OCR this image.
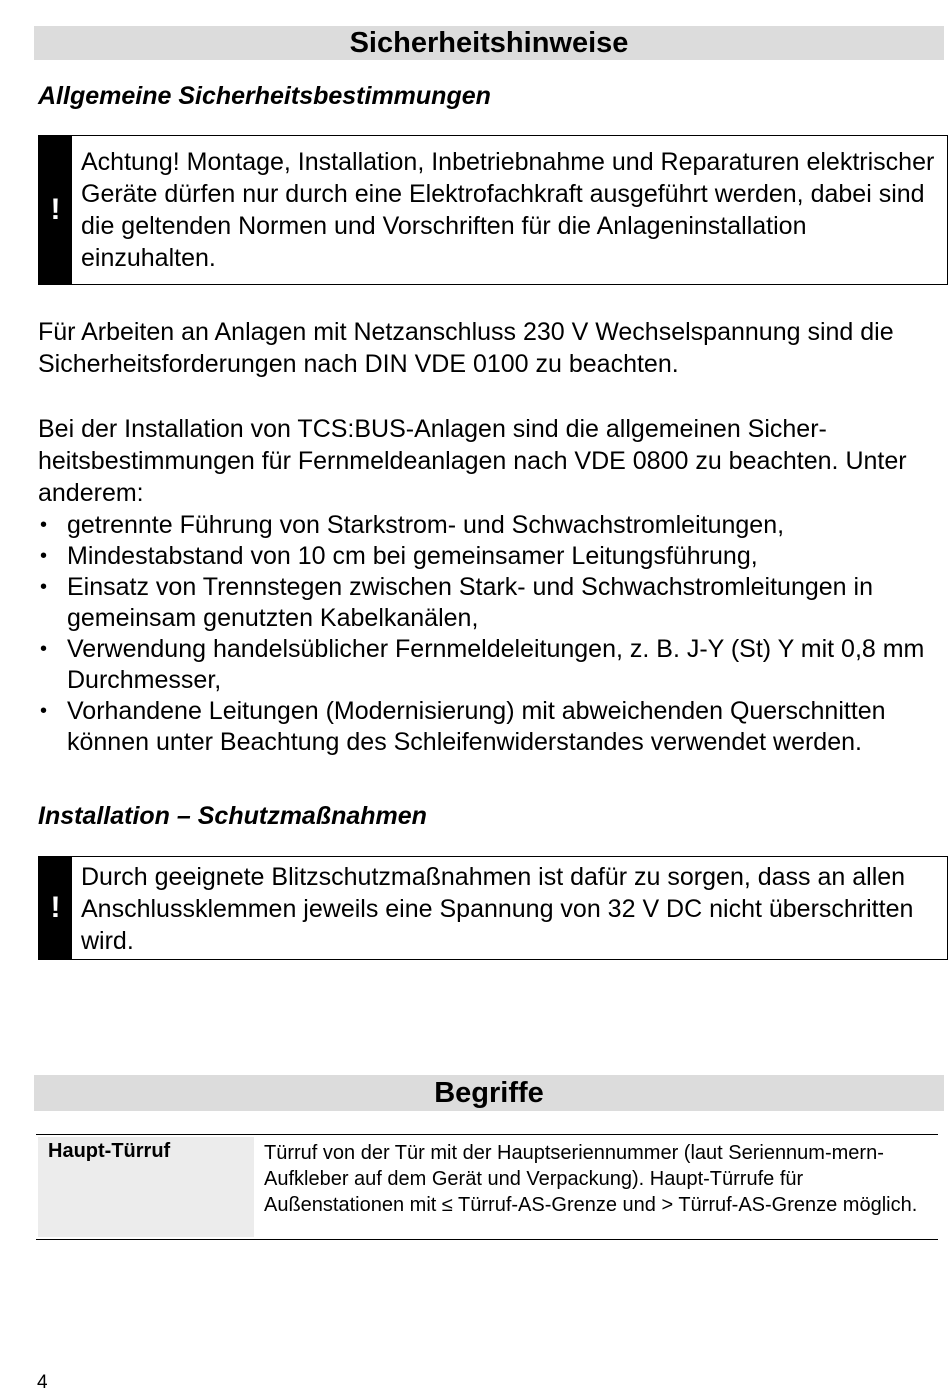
Sicherheitshinweise
Allgemeine Sicherheitsbestimmungen
!
Achtung! Montage, Installation, Inbetriebnahme und Reparaturen elektrischer Geräte dürfen nur durch eine Elektrofachkraft ausgeführt werden, dabei sind die geltenden Normen und Vorschriften für die Anlageninstallation einzuhalten.
Für Arbeiten an Anlagen mit Netzanschluss 230 V Wechselspannung sind die Sicherheitsforderungen nach DIN VDE 0100 zu beachten.
Bei der Installation von TCS:BUS-Anlagen sind die allgemeinen Sicher-heitsbestimmungen für Fernmeldeanlagen nach VDE 0800 zu beachten. Unter anderem:
• getrennte Führung von Starkstrom- und Schwachstromleitungen,
• Mindestabstand von 10 cm bei gemeinsamer Leitungsführung,
• Einsatz von Trennstegen zwischen Stark- und Schwachstromleitungen in gemeinsam genutzten Kabelkanälen,
• Verwendung handelsüblicher Fernmeldeleitungen, z. B. J-Y (St) Y mit 0,8 mm Durchmesser,
• Vorhandene Leitungen (Modernisierung) mit abweichenden Querschnitten können unter Beachtung des Schleifenwiderstandes verwendet werden.
Installation – Schutzmaßnahmen
!
Durch geeignete Blitzschutzmaßnahmen ist dafür zu sorgen, dass an allen Anschlussklemmen jeweils eine Spannung von 32 V DC nicht überschritten wird.
Begriffe
Haupt-Türruf	Türruf von der Tür mit der Hauptseriennummer (laut Seriennum-mern-Aufkleber auf dem Gerät und Verpackung). Haupt-Türrufe für Außenstationen mit ≤ Türruf-AS-Grenze und > Türruf-AS-Grenze möglich.
4
